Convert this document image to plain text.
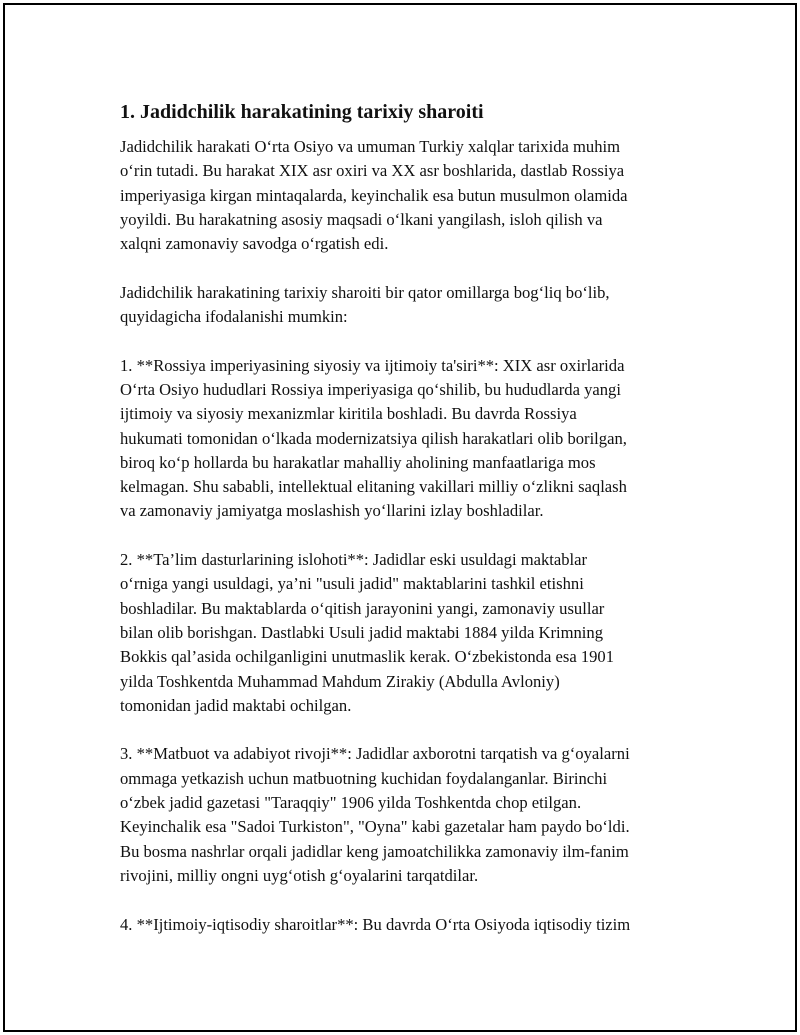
1. Jadidchilik harakatining tarixiy sharoiti
Jadidchilik harakati O‘rta Osiyo va umuman Turkiy xalqlar tarixida muhim
o‘rin tutadi. Bu harakat XIX asr oxiri va XX asr boshlarida, dastlab Rossiya
imperiyasiga kirgan mintaqalarda, keyinchalik esa butun musulmon olamida
yoyildi. Bu harakatning asosiy maqsadi o‘lkani yangilash, isloh qilish va
xalqni zamonaviy savodga o‘rgatish edi.
Jadidchilik harakatining tarixiy sharoiti bir qator omillarga bog‘liq bo‘lib,
quyidagicha ifodalanishi mumkin:
1. **Rossiya imperiyasining siyosiy va ijtimoiy ta'siri**: XIX asr oxirlarida
O‘rta Osiyo hududlari Rossiya imperiyasiga qo‘shilib, bu hududlarda yangi
ijtimoiy va siyosiy mexanizmlar kiritila boshladi. Bu davrda Rossiya
hukumati tomonidan o‘lkada modernizatsiya qilish harakatlari olib borilgan,
biroq ko‘p hollarda bu harakatlar mahalliy aholining manfaatlariga mos
kelmagan. Shu sababli, intellektual elitaning vakillari milliy o‘zlikni saqlash
va zamonaviy jamiyatga moslashish yo‘llarini izlay boshladilar.
2. **Ta’lim dasturlarining islohoti**: Jadidlar eski usuldagi maktablar
o‘rniga yangi usuldagi, ya’ni "usuli jadid" maktablarini tashkil etishni
boshladilar. Bu maktablarda o‘qitish jarayonini yangi, zamonaviy usullar
bilan olib borishgan. Dastlabki Usuli jadid maktabi 1884 yilda Krimning
Bokkis qal’asida ochilganligini unutmaslik kerak. O‘zbekistonda esa 1901
yilda Toshkentda Muhammad Mahdum Zirakiy (Abdulla Avloniy)
tomonidan jadid maktabi ochilgan.
3. **Matbuot va adabiyot rivoji**: Jadidlar axborotni tarqatish va g‘oyalarni
ommaga yetkazish uchun matbuotning kuchidan foydalanganlar. Birinchi
o‘zbek jadid gazetasi "Taraqqiy" 1906 yilda Toshkentda chop etilgan.
Keyinchalik esa "Sadoi Turkiston", "Oyna" kabi gazetalar ham paydo bo‘ldi.
Bu bosma nashrlar orqali jadidlar keng jamoatchilikka zamonaviy ilm-fanim
rivojini, milliy ongni uyg‘otish g‘oyalarini tarqatdilar.
4. **Ijtimoiy-iqtisodiy sharoitlar**: Bu davrda O‘rta Osiyoda iqtisodiy tizim
